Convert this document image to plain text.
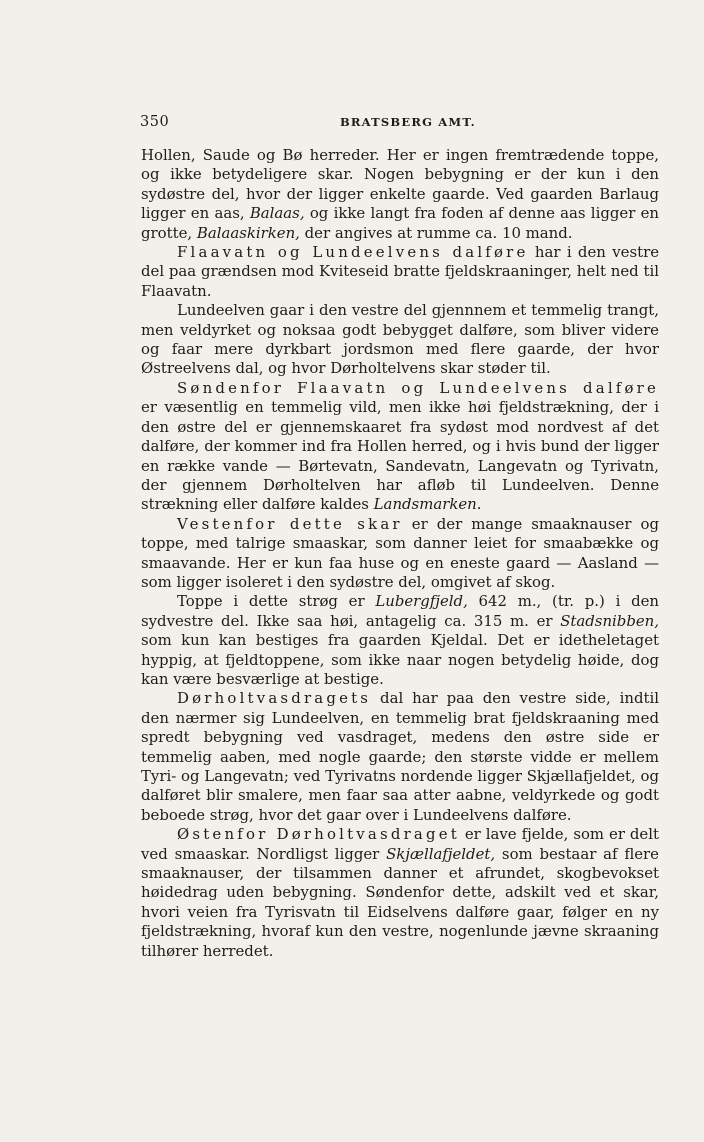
350	BRATSBERG AMT.

Hollen, Saude og Bø herreder. Her er ingen fremtrædende toppe, og ikke betydeligere skar. Nogen bebygning er der kun i den sydøstre del, hvor der ligger enkelte gaarde. Ved gaarden Barlaug ligger en aas, Balaas, og ikke langt fra foden af denne aas ligger en grotte, Balaaskirken, der angives at rumme ca. 10 mand.

Flaavatn og Lundeelvens dalføre har i den vestre del paa grændsen mod Kviteseid bratte fjeldskraaninger, helt ned til Flaavatn.

Lundeelven gaar i den vestre del gjennnem et temmelig trangt, men veldyrket og noksaa godt bebygget dalføre, som bliver videre og faar mere dyrkbart jordsmon med flere gaarde, der hvor Østreelvens dal, og hvor Dørholtelvens skar støder til.

Søndenfor Flaavatn og Lundeelvens dalføre er væsentlig en temmelig vild, men ikke høi fjeldstrækning, der i den østre del er gjennemskaaret fra sydøst mod nordvest af det dalføre, der kommer ind fra Hollen herred, og i hvis bund der ligger en række vande — Børtevatn, Sandevatn, Langevatn og Tyrivatn, der gjennem Dørholtelven har afløb til Lundeelven. Denne strækning eller dalføre kaldes Landsmarken.

Vestenfor dette skar er der mange smaaknauser og toppe, med talrige smaaskar, som danner leiet for smaabække og smaavande. Her er kun faa huse og en eneste gaard — Aasland — som ligger isoleret i den sydøstre del, omgivet af skog.

Toppe i dette strøg er Lubergfjeld, 642 m., (tr. p.) i den sydvestre del. Ikke saa høi, antagelig ca. 315 m. er Stadsnibben, som kun kan bestiges fra gaarden Kjeldal. Det er idetheletaget hyppig, at fjeldtoppene, som ikke naar nogen betydelig høide, dog kan være besværlige at bestige.

Dørholtvasdragets dal har paa den vestre side, indtil den nærmer sig Lundeelven, en temmelig brat fjeldskraaning med spredt bebygning ved vasdraget, medens den østre side er temmelig aaben, med nogle gaarde; den største vidde er mellem Tyri- og Langevatn; ved Tyrivatns nordende ligger Skjællafjeldet, og dalføret blir smalere, men faar saa atter aabne, veldyrkede og godt beboede strøg, hvor det gaar over i Lundeelvens dalføre.

Østenfor Dørholtvasdraget er lave fjelde, som er delt ved smaaskar. Nordligst ligger Skjællafjeldet, som bestaar af flere smaaknauser, der tilsammen danner et afrundet, skogbevokset høidedrag uden bebygning. Søndenfor dette, adskilt ved et skar, hvori veien fra Tyrisvatn til Eidselvens dalføre gaar, følger en ny fjeldstrækning, hvoraf kun den vestre, nogenlunde jævne skraaning tilhører herredet.
